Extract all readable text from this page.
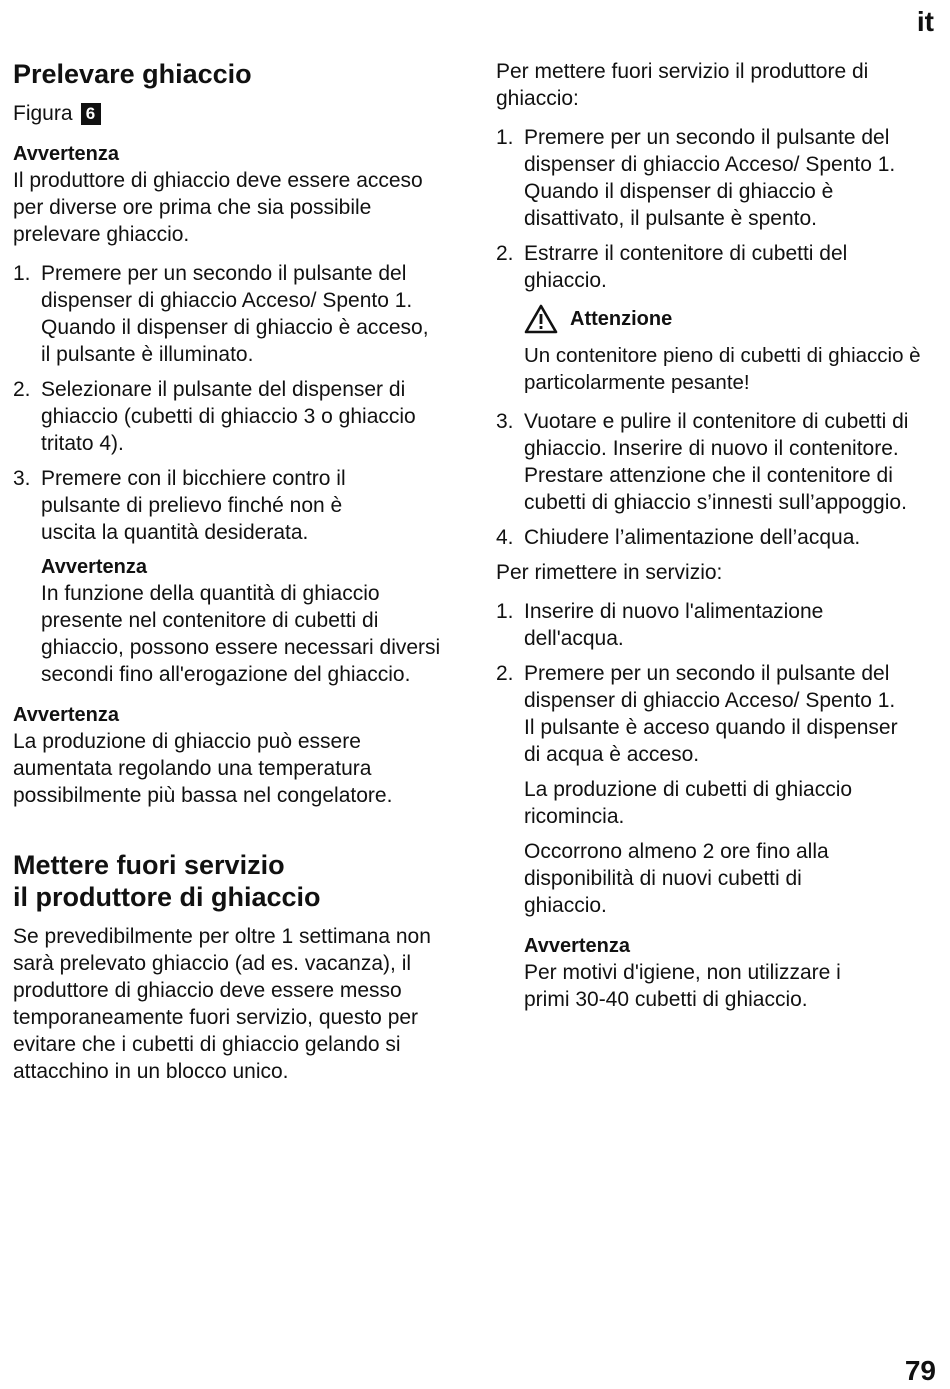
it
Prelevare ghiaccio
Figura 6
Avvertenza

Il produttore di ghiaccio deve essere acceso per diverse ore prima che sia possibile prelevare ghiaccio.

1. Premere per un secondo il pulsante del dispenser di ghiaccio Acceso/ Spento 1. Quando il dispenser di ghiaccio è acceso, il pulsante è illuminato.
2. Selezionare il pulsante del dispenser di ghiaccio (cubetti di ghiaccio 3 o ghiaccio tritato 4).
3. Premere con il bicchiere contro il pulsante di prelievo finché non è uscita la quantità desiderata.
Avvertenza

In funzione della quantità di ghiaccio presente nel contenitore di cubetti di ghiaccio, possono essere necessari diversi secondi fino all'erogazione del ghiaccio.

Avvertenza

La produzione di ghiaccio può essere aumentata regolando una temperatura possibilmente più bassa nel congelatore.

Mettere fuori servizio
il produttore di ghiaccio

Se prevedibilmente per oltre 1 settimana non sarà prelevato ghiaccio (ad es. vacanza), il produttore di ghiaccio deve essere messo temporaneamente fuori servizio, questo per evitare che i cubetti di ghiaccio gelando si attacchino in un blocco unico.

Per mettere fuori servizio il produttore di ghiaccio:

1. Premere per un secondo il pulsante del dispenser di ghiaccio Acceso/ Spento 1. Quando il dispenser di ghiaccio è disattivato, il pulsante è spento.
2. Estrarre il contenitore di cubetti del ghiaccio.
Attenzione

Un contenitore pieno di cubetti di ghiaccio è particolarmente pesante!

3. Vuotare e pulire il contenitore di cubetti di ghiaccio. Inserire di nuovo il contenitore. Prestare attenzione che il contenitore di cubetti di ghiaccio s’innesti sull’appoggio.
4. Chiudere l’alimentazione dell’acqua.

Per rimettere in servizio:

1. Inserire di nuovo l'alimentazione dell'acqua.
2. Premere per un secondo il pulsante del dispenser di ghiaccio Acceso/ Spento 1. Il pulsante è acceso quando il dispenser di acqua è acceso.

La produzione di cubetti di ghiaccio ricomincia.

Occorrono almeno 2 ore fino alla disponibilità di nuovi cubetti di ghiaccio.

Avvertenza

Per motivi d'igiene, non utilizzare i primi 30-40 cubetti di ghiaccio.

79
